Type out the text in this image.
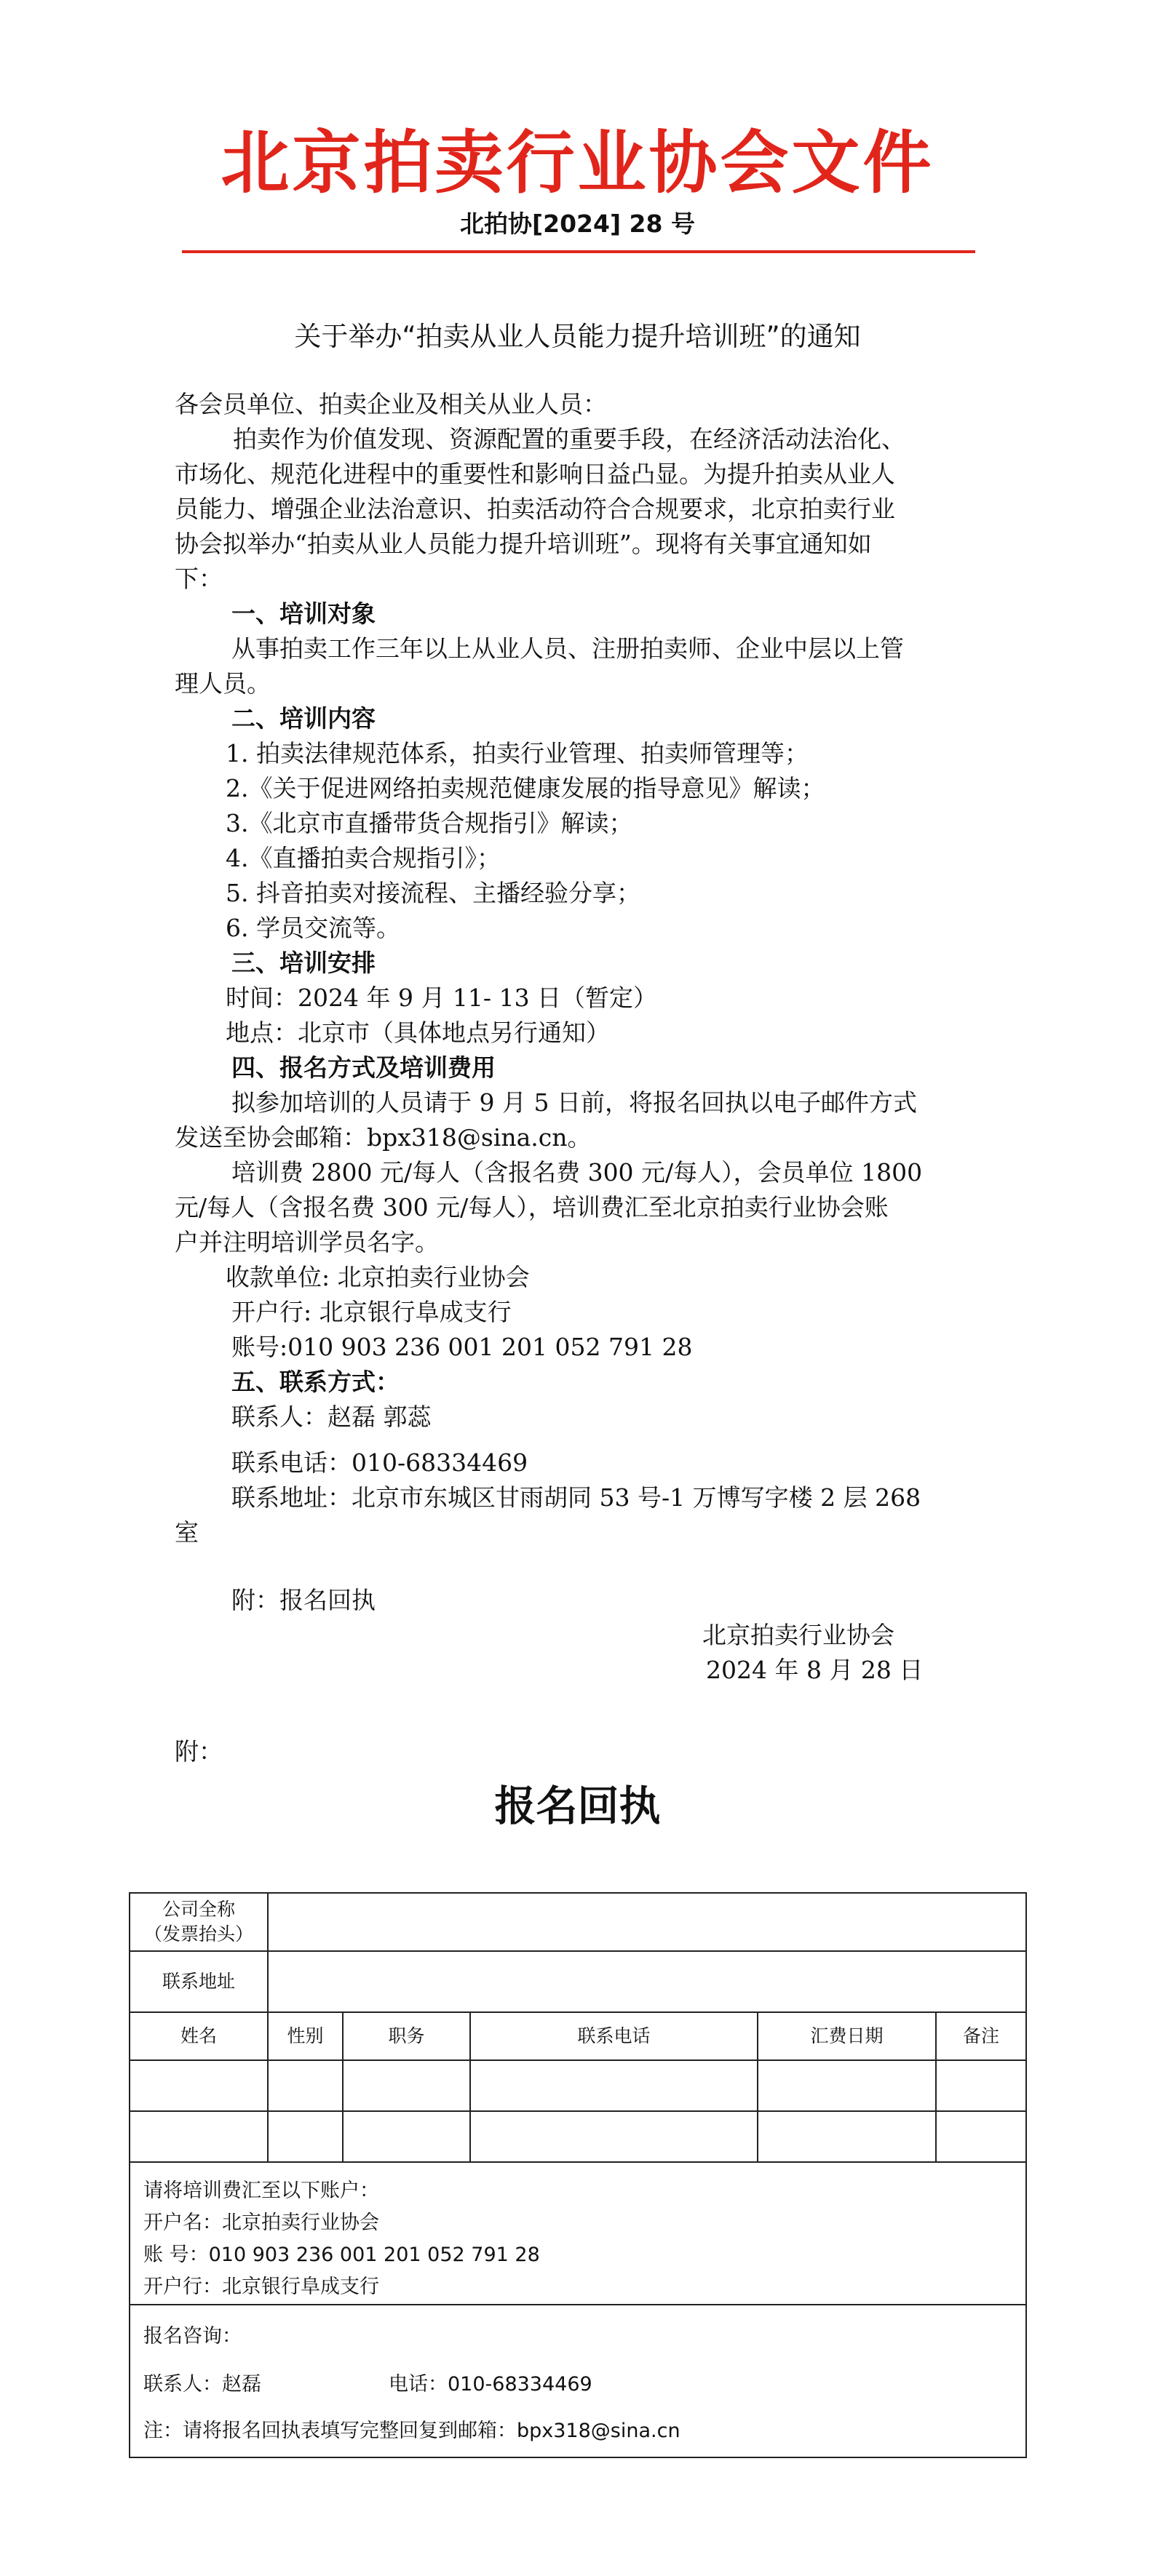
北京拍卖行业协会文件
北拍协[2024] 28 号
关于举办“拍卖从业人员能力提升培训班”的通知
各会员单位、拍卖企业及相关从业人员：
拍卖作为价值发现、资源配置的重要手段，在经济活动法治化、
市场化、规范化进程中的重要性和影响日益凸显。为提升拍卖从业人
员能力、增强企业法治意识、拍卖活动符合合规要求，北京拍卖行业
协会拟举办“拍卖从业人员能力提升培训班”。现将有关事宜通知如
下：
一、培训对象
从事拍卖工作三年以上从业人员、注册拍卖师、企业中层以上管
理人员。
二、培训内容
1. 拍卖法律规范体系，拍卖行业管理、拍卖师管理等；
2.《关于促进网络拍卖规范健康发展的指导意见》解读；
3.《北京市直播带货合规指引》解读；
4.《直播拍卖合规指引》；
5. 抖音拍卖对接流程、主播经验分享；
6. 学员交流等。
三、培训安排
时间：2024 年 9 月 11- 13 日（暂定）
地点：北京市（具体地点另行通知）
四、报名方式及培训费用
拟参加培训的人员请于 9 月 5 日前，将报名回执以电子邮件方式
发送至协会邮箱：bpx318@sina.cn。
培训费 2800 元/每人（含报名费 300 元/每人），会员单位 1800
元/每人（含报名费 300 元/每人），培训费汇至北京拍卖行业协会账
户并注明培训学员名字。
收款单位: 北京拍卖行业协会
开户行: 北京银行阜成支行
账号:010 903 236 001 201 052 791 28
五、联系方式：
联系人：赵磊 郭蕊
联系电话：010-68334469
联系地址：北京市东城区甘雨胡同 53 号-1 万博写字楼 2 层 268
室
附：报名回执
北京拍卖行业协会
2024 年 8 月 28 日
附：
报名回执
公司全称
（发票抬头）
联系地址
姓名	性别	职务	联系电话	汇费日期	备注
请将培训费汇至以下账户：
开户名：北京拍卖行业协会
账 号：010 903 236 001 201 052 791 28
开户行：北京银行阜成支行
报名咨询：
联系人：赵磊	电话：010-68334469
注：请将报名回执表填写完整回复到邮箱：bpx318@sina.cn
